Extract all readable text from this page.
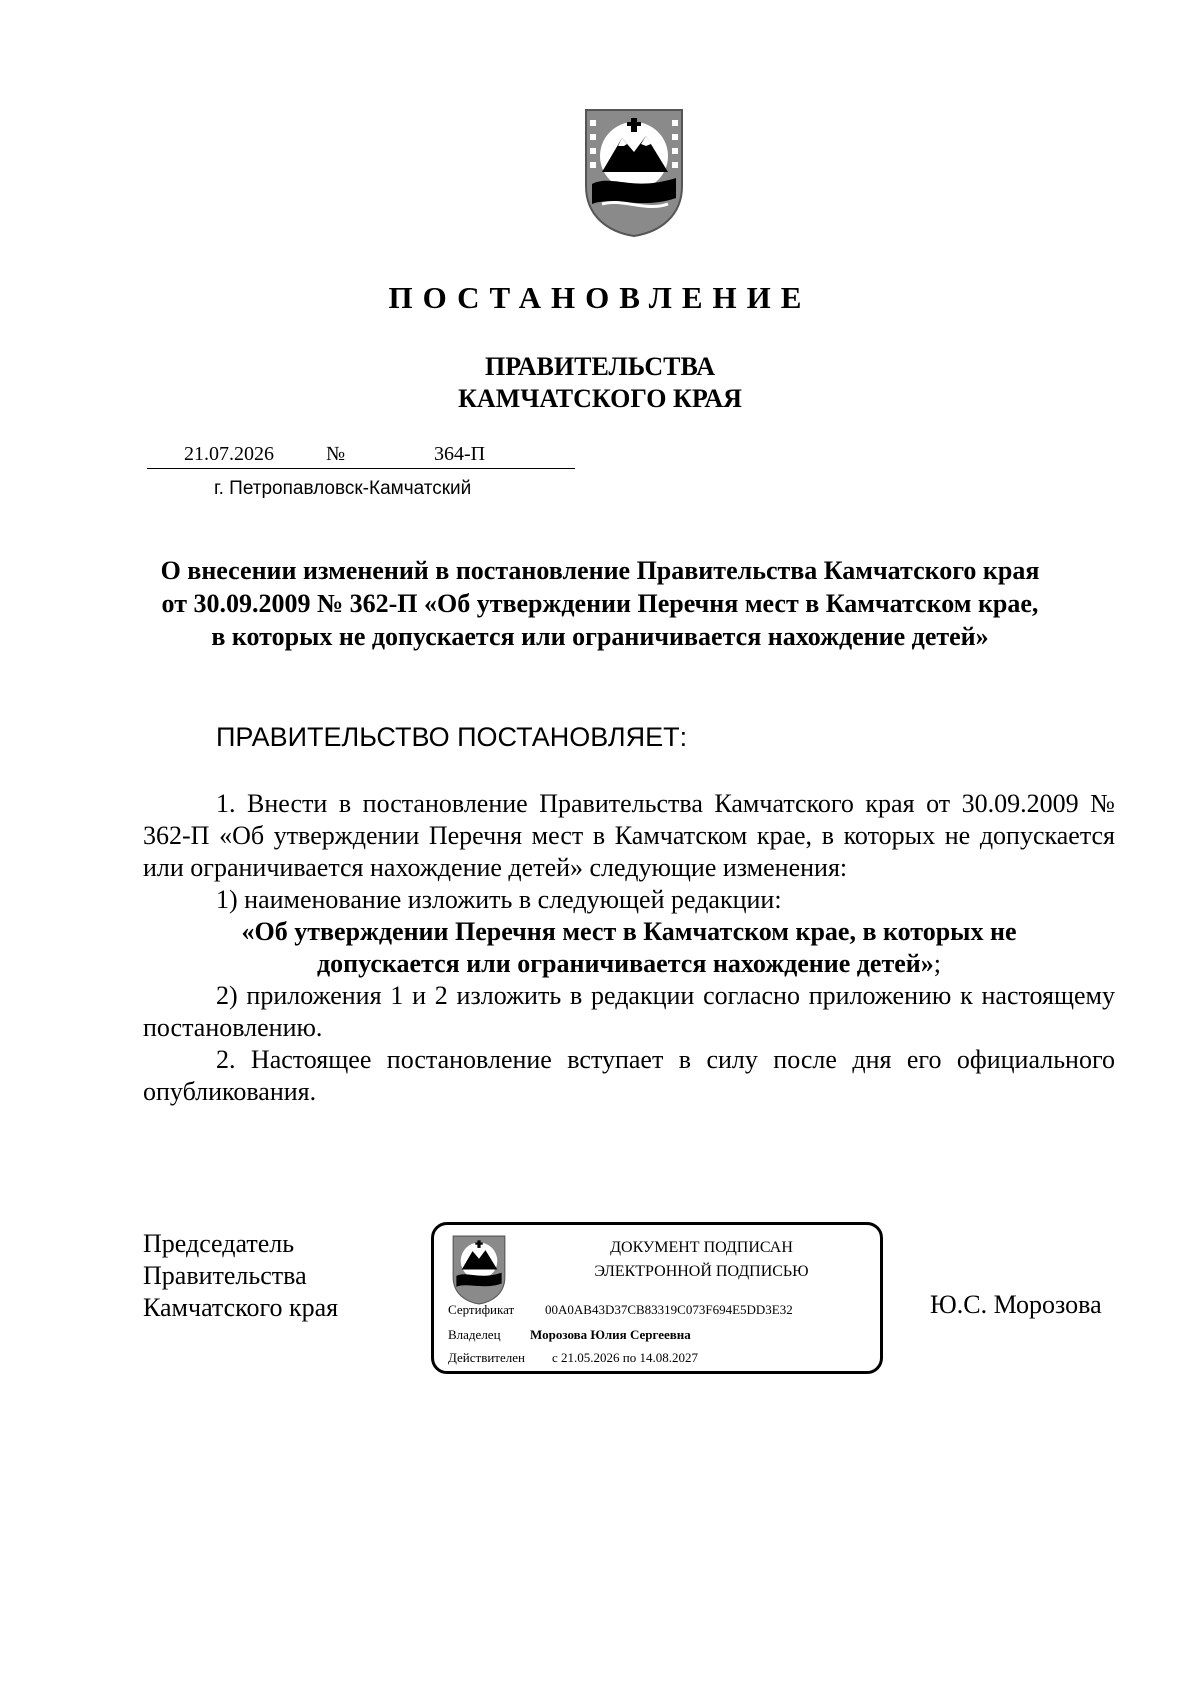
ПОСТАНОВЛЕНИЕ
ПРАВИТЕЛЬСТВА
КАМЧАТСКОГО КРАЯ
21.07.2026	№	364-П
г. Петропавловск-Камчатский
О внесении изменений в постановление Правительства Камчатского края
от 30.09.2009 № 362-П «Об утверждении Перечня мест в Камчатском крае,
в которых не допускается или ограничивается нахождение детей»
ПРАВИТЕЛЬСТВО ПОСТАНОВЛЯЕТ:

1. Внести в постановление Правительства Камчатского края от 30.09.2009 № 362-П «Об утверждении Перечня мест в Камчатском крае, в которых не допускается или ограничивается нахождение детей» следующие изменения:

1) наименование изложить в следующей редакции:

«Об утверждении Перечня мест в Камчатском крае, в которых не

допускается или ограничивается нахождение детей»;

2) приложения 1 и 2 изложить в редакции согласно приложению к настоящему постановлению.

2. Настоящее постановление вступает в силу после дня его официального опубликования.

Председатель
Правительства
Камчатского края	Ю.С. Морозова
ДОКУМЕНТ ПОДПИСАН
ЭЛЕКТРОННОЙ ПОДПИСЬЮ
Сертификат 00A0AB43D37CB83319C073F694E5DD3E32
Владелец Морозова Юлия Сергеевна
Действителен с 21.05.2026 по 14.08.2027
